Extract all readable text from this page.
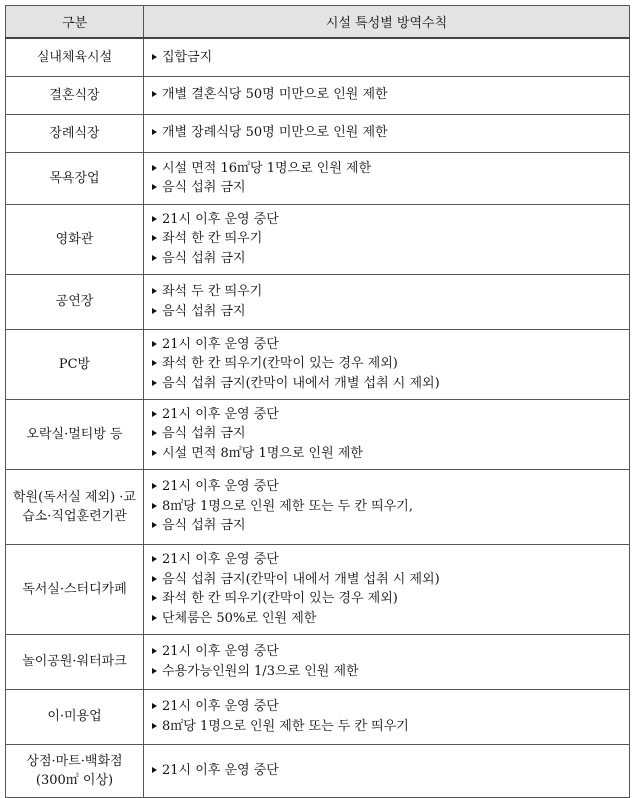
구분	시설 특성별 방역수칙
실내체육시설	집합금지

결혼식장	개별 결혼식당 50명 미만으로 인원 제한

장례식장	개별 장례식당 50명 미만으로 인원 제한

목욕장업	시설 면적 16㎡당 1명으로 인원 제한
음식 섭취 금지

영화관	21시 이후 운영 중단
좌석 한 칸 띄우기
음식 섭취 금지

공연장	좌석 두 칸 띄우기
음식 섭취 금지

PC방	21시 이후 운영 중단
좌석 한 칸 띄우기(칸막이 있는 경우 제외)
음식 섭취 금지(칸막이 내에서 개별 섭취 시 제외)

오락실·멀티방 등	21시 이후 운영 중단
음식 섭취 금지
시설 면적 8㎡당 1명으로 인원 제한

학원(독서실 제외) ·교습소·직업훈련기관	21시 이후 운영 중단
8㎡당 1명으로 인원 제한 또는 두 칸 띄우기,
음식 섭취 금지

독서실·스터디카페	21시 이후 운영 중단
음식 섭취 금지(칸막이 내에서 개별 섭취 시 제외)
좌석 한 칸 띄우기(칸막이 있는 경우 제외)
단체룸은 50%로 인원 제한

놀이공원·워터파크	21시 이후 운영 중단
수용가능인원의 1/3으로 인원 제한

이·미용업	21시 이후 운영 중단
8㎡당 1명으로 인원 제한 또는 두 칸 띄우기

상점·마트·백화점 (300㎡ 이상)	21시 이후 운영 중단
